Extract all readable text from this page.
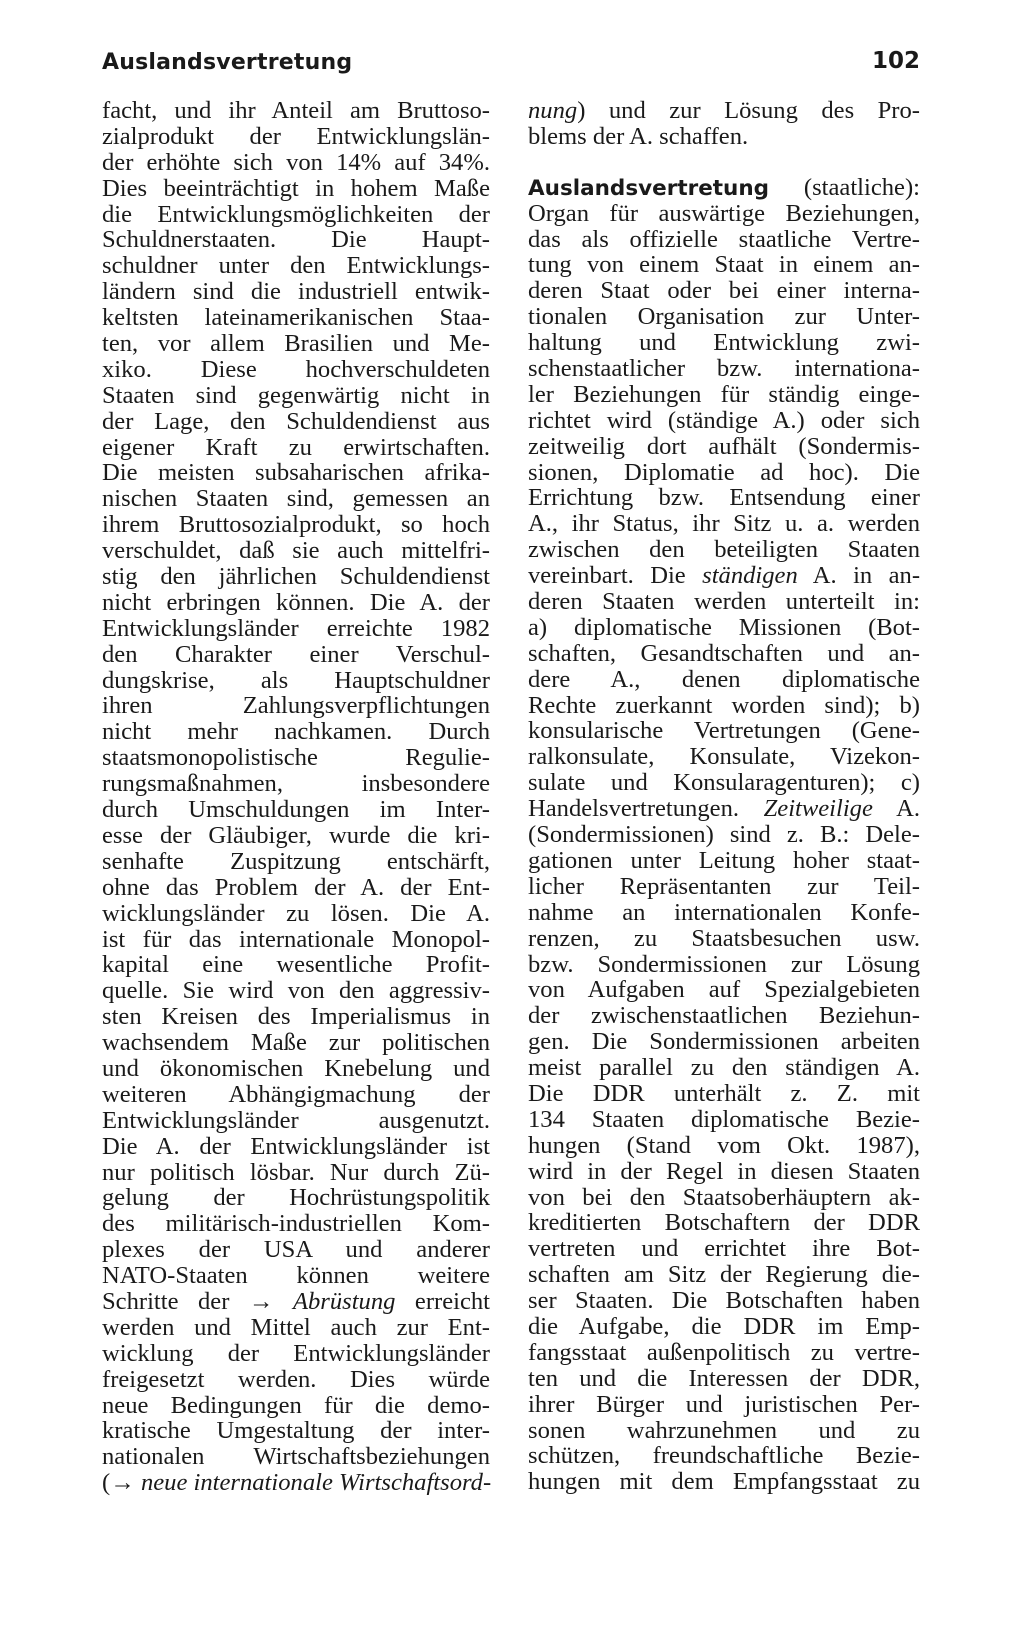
Auslandsvertretung	102
facht, und ihr Anteil am Bruttoso-
zialprodukt der Entwicklungslän-
der erhöhte sich von 14% auf 34%.
Dies beeinträchtigt in hohem Maße
die Entwicklungsmöglichkeiten der
Schuldnerstaaten. Die Haupt-
schuldner unter den Entwicklungs-
ländern sind die industriell entwik-
keltsten lateinamerikanischen Staa-
ten, vor allem Brasilien und Me-
xiko. Diese hochverschuldeten
Staaten sind gegenwärtig nicht in
der Lage, den Schuldendienst aus
eigener Kraft zu erwirtschaften.
Die meisten subsaharischen afrika-
nischen Staaten sind, gemessen an
ihrem Bruttosozialprodukt, so hoch
verschuldet, daß sie auch mittelfri-
stig den jährlichen Schuldendienst
nicht erbringen können. Die A. der
Entwicklungsländer erreichte 1982
den Charakter einer Verschul-
dungskrise, als Hauptschuldner
ihren Zahlungsverpflichtungen
nicht mehr nachkamen. Durch
staatsmonopolistische Regulie-
rungsmaßnahmen, insbesondere
durch Umschuldungen im Inter-
esse der Gläubiger, wurde die kri-
senhafte Zuspitzung entschärft,
ohne das Problem der A. der Ent-
wicklungsländer zu lösen. Die A.
ist für das internationale Monopol-
kapital eine wesentliche Profit-
quelle. Sie wird von den aggressiv-
sten Kreisen des Imperialismus in
wachsendem Maße zur politischen
und ökonomischen Knebelung und
weiteren Abhängigmachung der
Entwicklungsländer ausgenutzt.
Die A. der Entwicklungsländer ist
nur politisch lösbar. Nur durch Zü-
gelung der Hochrüstungspolitik
des militärisch-industriellen Kom-
plexes der USA und anderer
NATO-Staaten können weitere
Schritte der → Abrüstung erreicht
werden und Mittel auch zur Ent-
wicklung der Entwicklungsländer
freigesetzt werden. Dies würde
neue Bedingungen für die demo-
kratische Umgestaltung der inter-
nationalen Wirtschaftsbeziehungen
(→ neue internationale Wirtschaftsord-
nung) und zur Lösung des Pro-
blems der A. schaffen.
Auslandsvertretung (staatliche):
Organ für auswärtige Beziehungen,
das als offizielle staatliche Vertre-
tung von einem Staat in einem an-
deren Staat oder bei einer interna-
tionalen Organisation zur Unter-
haltung und Entwicklung zwi-
schenstaatlicher bzw. internationa-
ler Beziehungen für ständig einge-
richtet wird (ständige A.) oder sich
zeitweilig dort aufhält (Sondermis-
sionen, Diplomatie ad hoc). Die
Errichtung bzw. Entsendung einer
A., ihr Status, ihr Sitz u. a. werden
zwischen den beteiligten Staaten
vereinbart. Die ständigen A. in an-
deren Staaten werden unterteilt in:
a) diplomatische Missionen (Bot-
schaften, Gesandtschaften und an-
dere A., denen diplomatische
Rechte zuerkannt worden sind); b)
konsularische Vertretungen (Gene-
ralkonsulate, Konsulate, Vizekon-
sulate und Konsularagenturen); c)
Handelsvertretungen. Zeitweilige A.
(Sondermissionen) sind z. B.: Dele-
gationen unter Leitung hoher staat-
licher Repräsentanten zur Teil-
nahme an internationalen Konfe-
renzen, zu Staatsbesuchen usw.
bzw. Sondermissionen zur Lösung
von Aufgaben auf Spezialgebieten
der zwischenstaatlichen Beziehun-
gen. Die Sondermissionen arbeiten
meist parallel zu den ständigen A.
Die DDR unterhält z. Z. mit
134 Staaten diplomatische Bezie-
hungen (Stand vom Okt. 1987),
wird in der Regel in diesen Staaten
von bei den Staatsoberhäuptern ak-
kreditierten Botschaftern der DDR
vertreten und errichtet ihre Bot-
schaften am Sitz der Regierung die-
ser Staaten. Die Botschaften haben
die Aufgabe, die DDR im Emp-
fangsstaat außenpolitisch zu vertre-
ten und die Interessen der DDR,
ihrer Bürger und juristischen Per-
sonen wahrzunehmen und zu
schützen, freundschaftliche Bezie-
hungen mit dem Empfangsstaat zu
